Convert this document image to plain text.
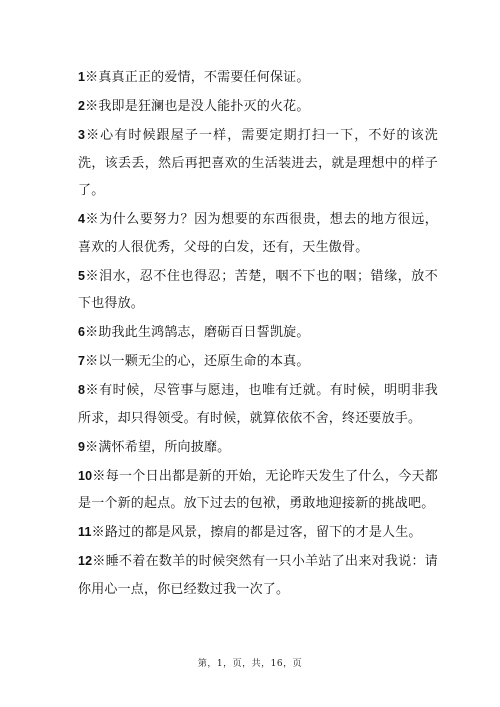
1※真真正正的爱情，不需要任何保证。

2※我即是狂澜也是没人能扑灭的火花。

3※心有时候跟屋子一样，需要定期打扫一下，不好的该洗洗，该丢丢，然后再把喜欢的生活装进去，就是理想中的样子了。

4※为什么要努力？因为想要的东西很贵，想去的地方很远，喜欢的人很优秀，父母的白发，还有，天生傲骨。

5※泪水，忍不住也得忍；苦楚，咽不下也的咽；错缘，放不下也得放。

6※助我此生鸿鹄志，磨砺百日誓凯旋。

7※以一颗无尘的心，还原生命的本真。

8※有时候，尽管事与愿违，也唯有迁就。有时候，明明非我所求，却只得领受。有时候，就算依依不舍，终还要放手。

9※满怀希望，所向披靡。

10※每一个日出都是新的开始，无论昨天发生了什么，今天都是一个新的起点。放下过去的包袱，勇敢地迎接新的挑战吧。

11※路过的都是风景，擦肩的都是过客，留下的才是人生。

12※睡不着在数羊的时候突然有一只小羊站了出来对我说：请你用心一点，你已经数过我一次了。

第，1，页，共，16，页
